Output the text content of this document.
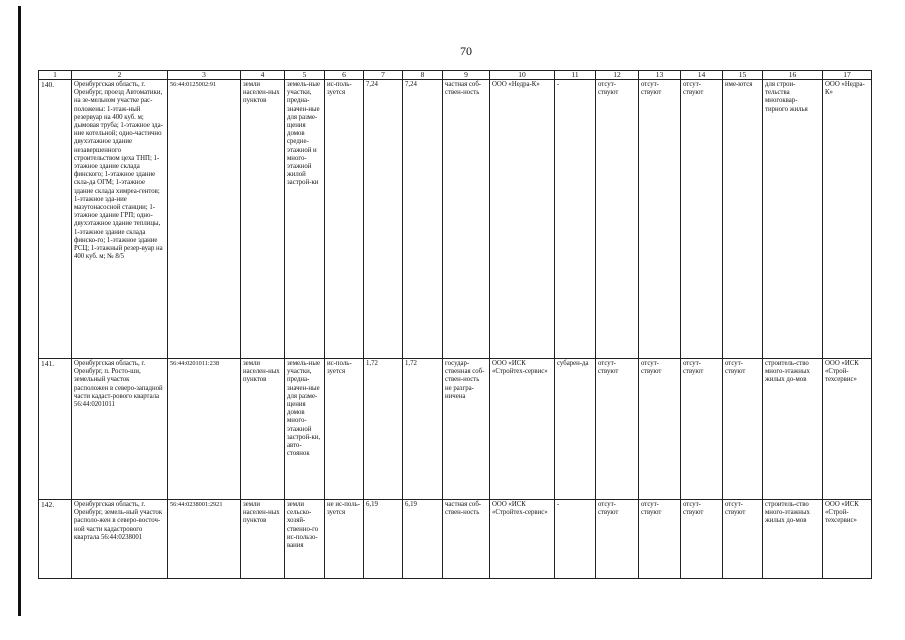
70
1	2	3	4	5	6	7	8	9	10	11	12	13	14	15	16	17
140.	Оренбургская область, г. Оренбург, проезд Автоматики, на зе-мельном участке рас-положены: 1-этаж-ный резервуар на 400 куб. м; дымовая труба; 1-этажное зда-ние котельной; одно-частично двухэтажное здание незавершенного строительством цеха ТНП; 1-этажное здание склада финского; 1-этажное здание скла-да ОГМ; 1-этажное здание склада химреа-гентов; 1-этажное зда-ние мазутонасосной станции; 1-этажное здание ГРП; одно-двухэтажное здание теплицы, 1-этажное здание склада финско-го; 1-этажное здание РСЦ; 1-этажный резер-вуар на 400 куб. м; № 8/5	56:44:0125002:91	земли населен-ных пунктов	земель-ные участки, предна-значен-ные для разме-щения домов средне-этажной и много-этажной жилой застрой-ки	ис-поль-зуется	7,24	7,24	частная соб-ствен-ность	ООО «Недра-К»	-	отсут-ствуют	отсут-ствуют	отсут-ствуют	име-ются	для строи-тельства многоквар-тирного жилья	ООО «Недра-К»
141.	Оренбургская область, г. Оренбург, п. Росто-ши, земельный участок расположен в северо-западной части кадаст-рового квартала 56:44:0201011	56:44:0201011:238	земли населен-ных пунктов	земель-ные участки, предна-значен-ные для разме-щения домов много-этажной застрой-ки, авто-стоянок	ис-поль-зуется	1,72	1,72	государ-ственная соб-ствен-ность не разгра-ничена	ООО «ИСК «Стройтех-сервис»	субарен-да	отсут-ствуют	отсут-ствуют	отсут-ствуют	отсут-ствуют	строитель-ство много-этажных жилых до-мов	ООО «ИСК «Строй-техсервис»
142.	Оренбургская область, г. Оренбург, земель-ный участок располо-жен в северо-восточ-ной части кадастрового квартала 56:44:0238001	56:44:0238001:2921	земли населен-ных пунктов	земли сельско-хозяй-ственно-го ис-пользо-вания	не ис-поль-зуется	6,19	6,19	частная соб-ствен-ность	ООО «ИСК «Стройтех-сервис»	-	отсут-ствуют	отсут-ствуют	отсут-ствуют	отсут-ствуют	строитель-ство много-этажных жилых до-мов	ООО «ИСК «Строй-техсервис»
